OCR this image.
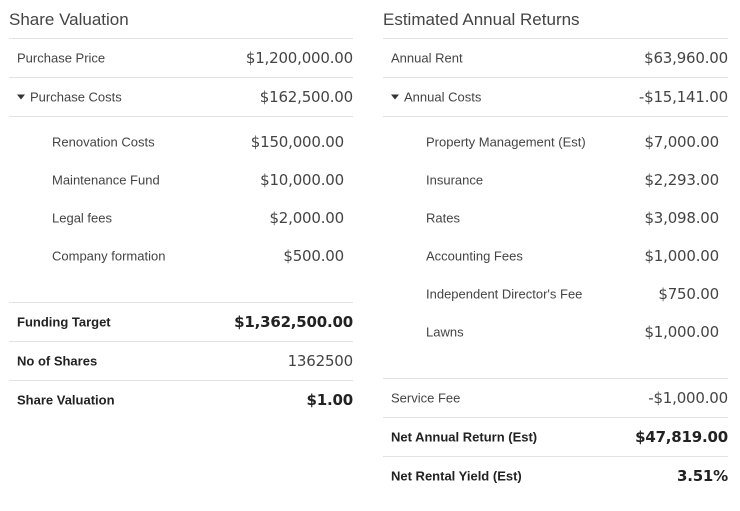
Share Valuation
Purchase Price	$1,200,000.00
Purchase Costs	$162,500.00
Renovation Costs	$150,000.00
Maintenance Fund	$10,000.00
Legal fees	$2,000.00
Company formation	$500.00
Funding Target	$1,362,500.00
No of Shares	1362500
Share Valuation	$1.00
Estimated Annual Returns
Annual Rent	$63,960.00
Annual Costs	-$15,141.00
Property Management (Est)	$7,000.00
Insurance	$2,293.00
Rates	$3,098.00
Accounting Fees	$1,000.00
Independent Director's Fee	$750.00
Lawns	$1,000.00
Service Fee	-$1,000.00
Net Annual Return (Est)	$47,819.00
Net Rental Yield (Est)	3.51%
